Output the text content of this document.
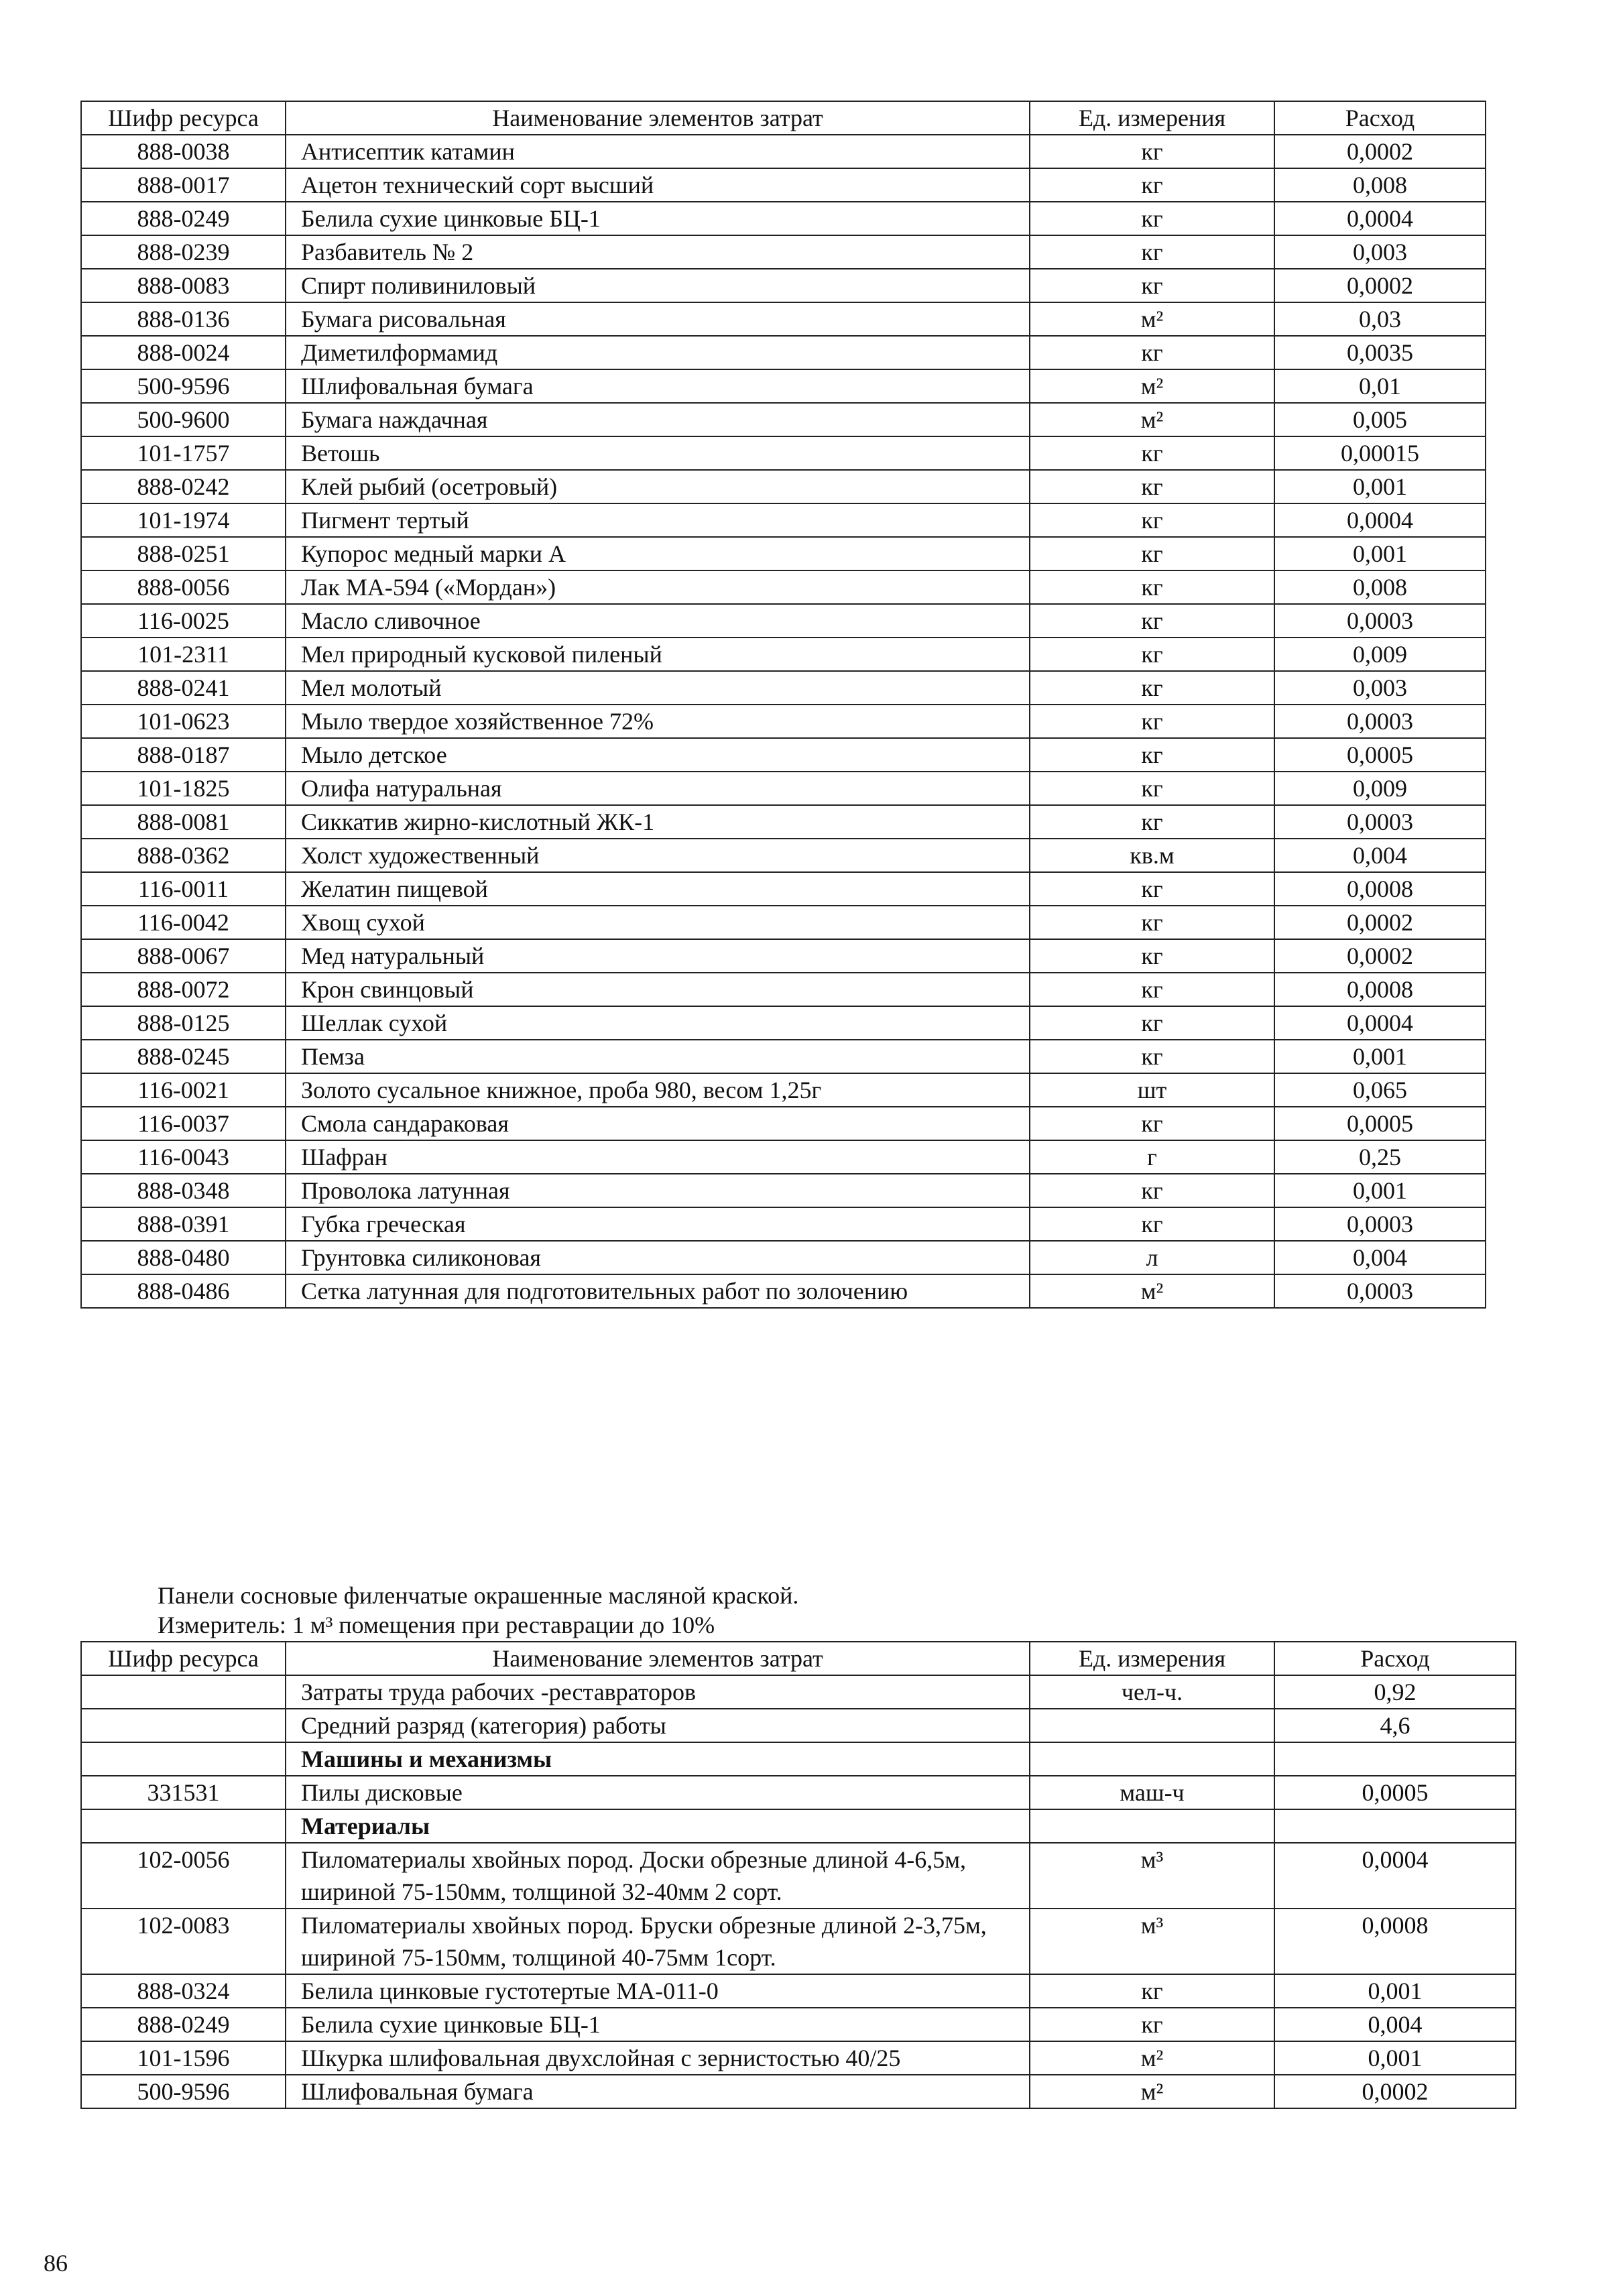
Шифр ресурса	Наименование элементов затрат	Ед. измерения	Расход
888-0038	Антисептик катамин	кг	0,0002
888-0017	Ацетон технический сорт высший	кг	0,008
888-0249	Белила сухие цинковые БЦ-1	кг	0,0004
888-0239	Разбавитель № 2	кг	0,003
888-0083	Спирт поливиниловый	кг	0,0002
888-0136	Бумага рисовальная	м²	0,03
888-0024	Диметилформамид	кг	0,0035
500-9596	Шлифовальная бумага	м²	0,01
500-9600	Бумага наждачная	м²	0,005
101-1757	Ветошь	кг	0,00015
888-0242	Клей рыбий (осетровый)	кг	0,001
101-1974	Пигмент тертый	кг	0,0004
888-0251	Купорос медный марки А	кг	0,001
888-0056	Лак МА-594 («Мордан»)	кг	0,008
116-0025	Масло сливочное	кг	0,0003
101-2311	Мел природный кусковой пиленый	кг	0,009
888-0241	Мел молотый	кг	0,003
101-0623	Мыло твердое хозяйственное 72%	кг	0,0003
888-0187	Мыло детское	кг	0,0005
101-1825	Олифа натуральная	кг	0,009
888-0081	Сиккатив жирно-кислотный ЖК-1	кг	0,0003
888-0362	Холст художественный	кв.м	0,004
116-0011	Желатин пищевой	кг	0,0008
116-0042	Хвощ сухой	кг	0,0002
888-0067	Мед натуральный	кг	0,0002
888-0072	Крон свинцовый	кг	0,0008
888-0125	Шеллак сухой	кг	0,0004
888-0245	Пемза	кг	0,001
116-0021	Золото сусальное книжное, проба 980, весом 1,25г	шт	0,065
116-0037	Смола сандараковая	кг	0,0005
116-0043	Шафран	г	0,25
888-0348	Проволока латунная	кг	0,001
888-0391	Губка греческая	кг	0,0003
888-0480	Грунтовка силиконовая	л	0,004
888-0486	Сетка латунная для подготовительных работ по золочению	м²	0,0003
Панели сосновые филенчатые окрашенные масляной краской.
Измеритель: 1 м³ помещения при реставрации до 10%
Шифр ресурса	Наименование элементов затрат	Ед. измерения	Расход
	Затраты труда рабочих -реставраторов	чел-ч.	0,92
	Средний разряд (категория) работы		4,6
	Машины и механизмы		
331531	Пилы дисковые	маш-ч	0,0005
	Материалы		
102-0056	Пиломатериалы хвойных пород. Доски обрезные длиной 4-6,5м, шириной 75-150мм, толщиной 32-40мм 2 сорт.	м³	0,0004
102-0083	Пиломатериалы хвойных пород. Бруски обрезные длиной 2-3,75м, шириной 75-150мм, толщиной 40-75мм 1сорт.	м³	0,0008
888-0324	Белила цинковые густотертые МА-011-0	кг	0,001
888-0249	Белила сухие цинковые БЦ-1	кг	0,004
101-1596	Шкурка шлифовальная двухслойная с зернистостью 40/25	м²	0,001
500-9596	Шлифовальная бумага	м²	0,0002
86
